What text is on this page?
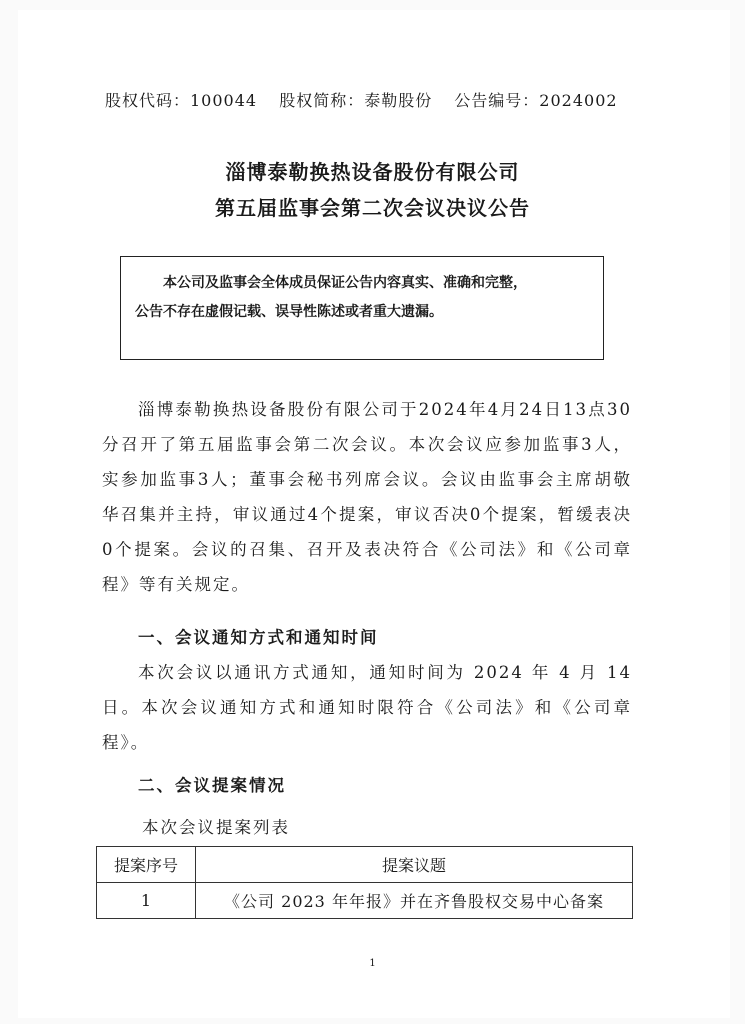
股权代码：100044 股权简称：泰勒股份 公告编号：2024002
淄博泰勒换热设备股份有限公司
第五届监事会第二次会议决议公告
本公司及监事会全体成员保证公告内容真实、准确和完整，
公告不存在虚假记载、误导性陈述或者重大遗漏。
淄博泰勒换热设备股份有限公司于2024年4月24日13点30分召开了第五届监事会第二次会议。本次会议应参加监事3人，实参加监事3人；董事会秘书列席会议。会议由监事会主席胡敬华召集并主持，审议通过4个提案，审议否决0个提案，暂缓表决0个提案。会议的召集、召开及表决符合《公司法》和《公司章程》等有关规定。
一、会议通知方式和通知时间
本次会议以通讯方式通知，通知时间为 2024 年 4 月 14 日。本次会议通知方式和通知时限符合《公司法》和《公司章程》。
二、会议提案情况
本次会议提案列表
提案序号	提案议题
1	《公司 2023 年年报》并在齐鲁股权交易中心备案
1
